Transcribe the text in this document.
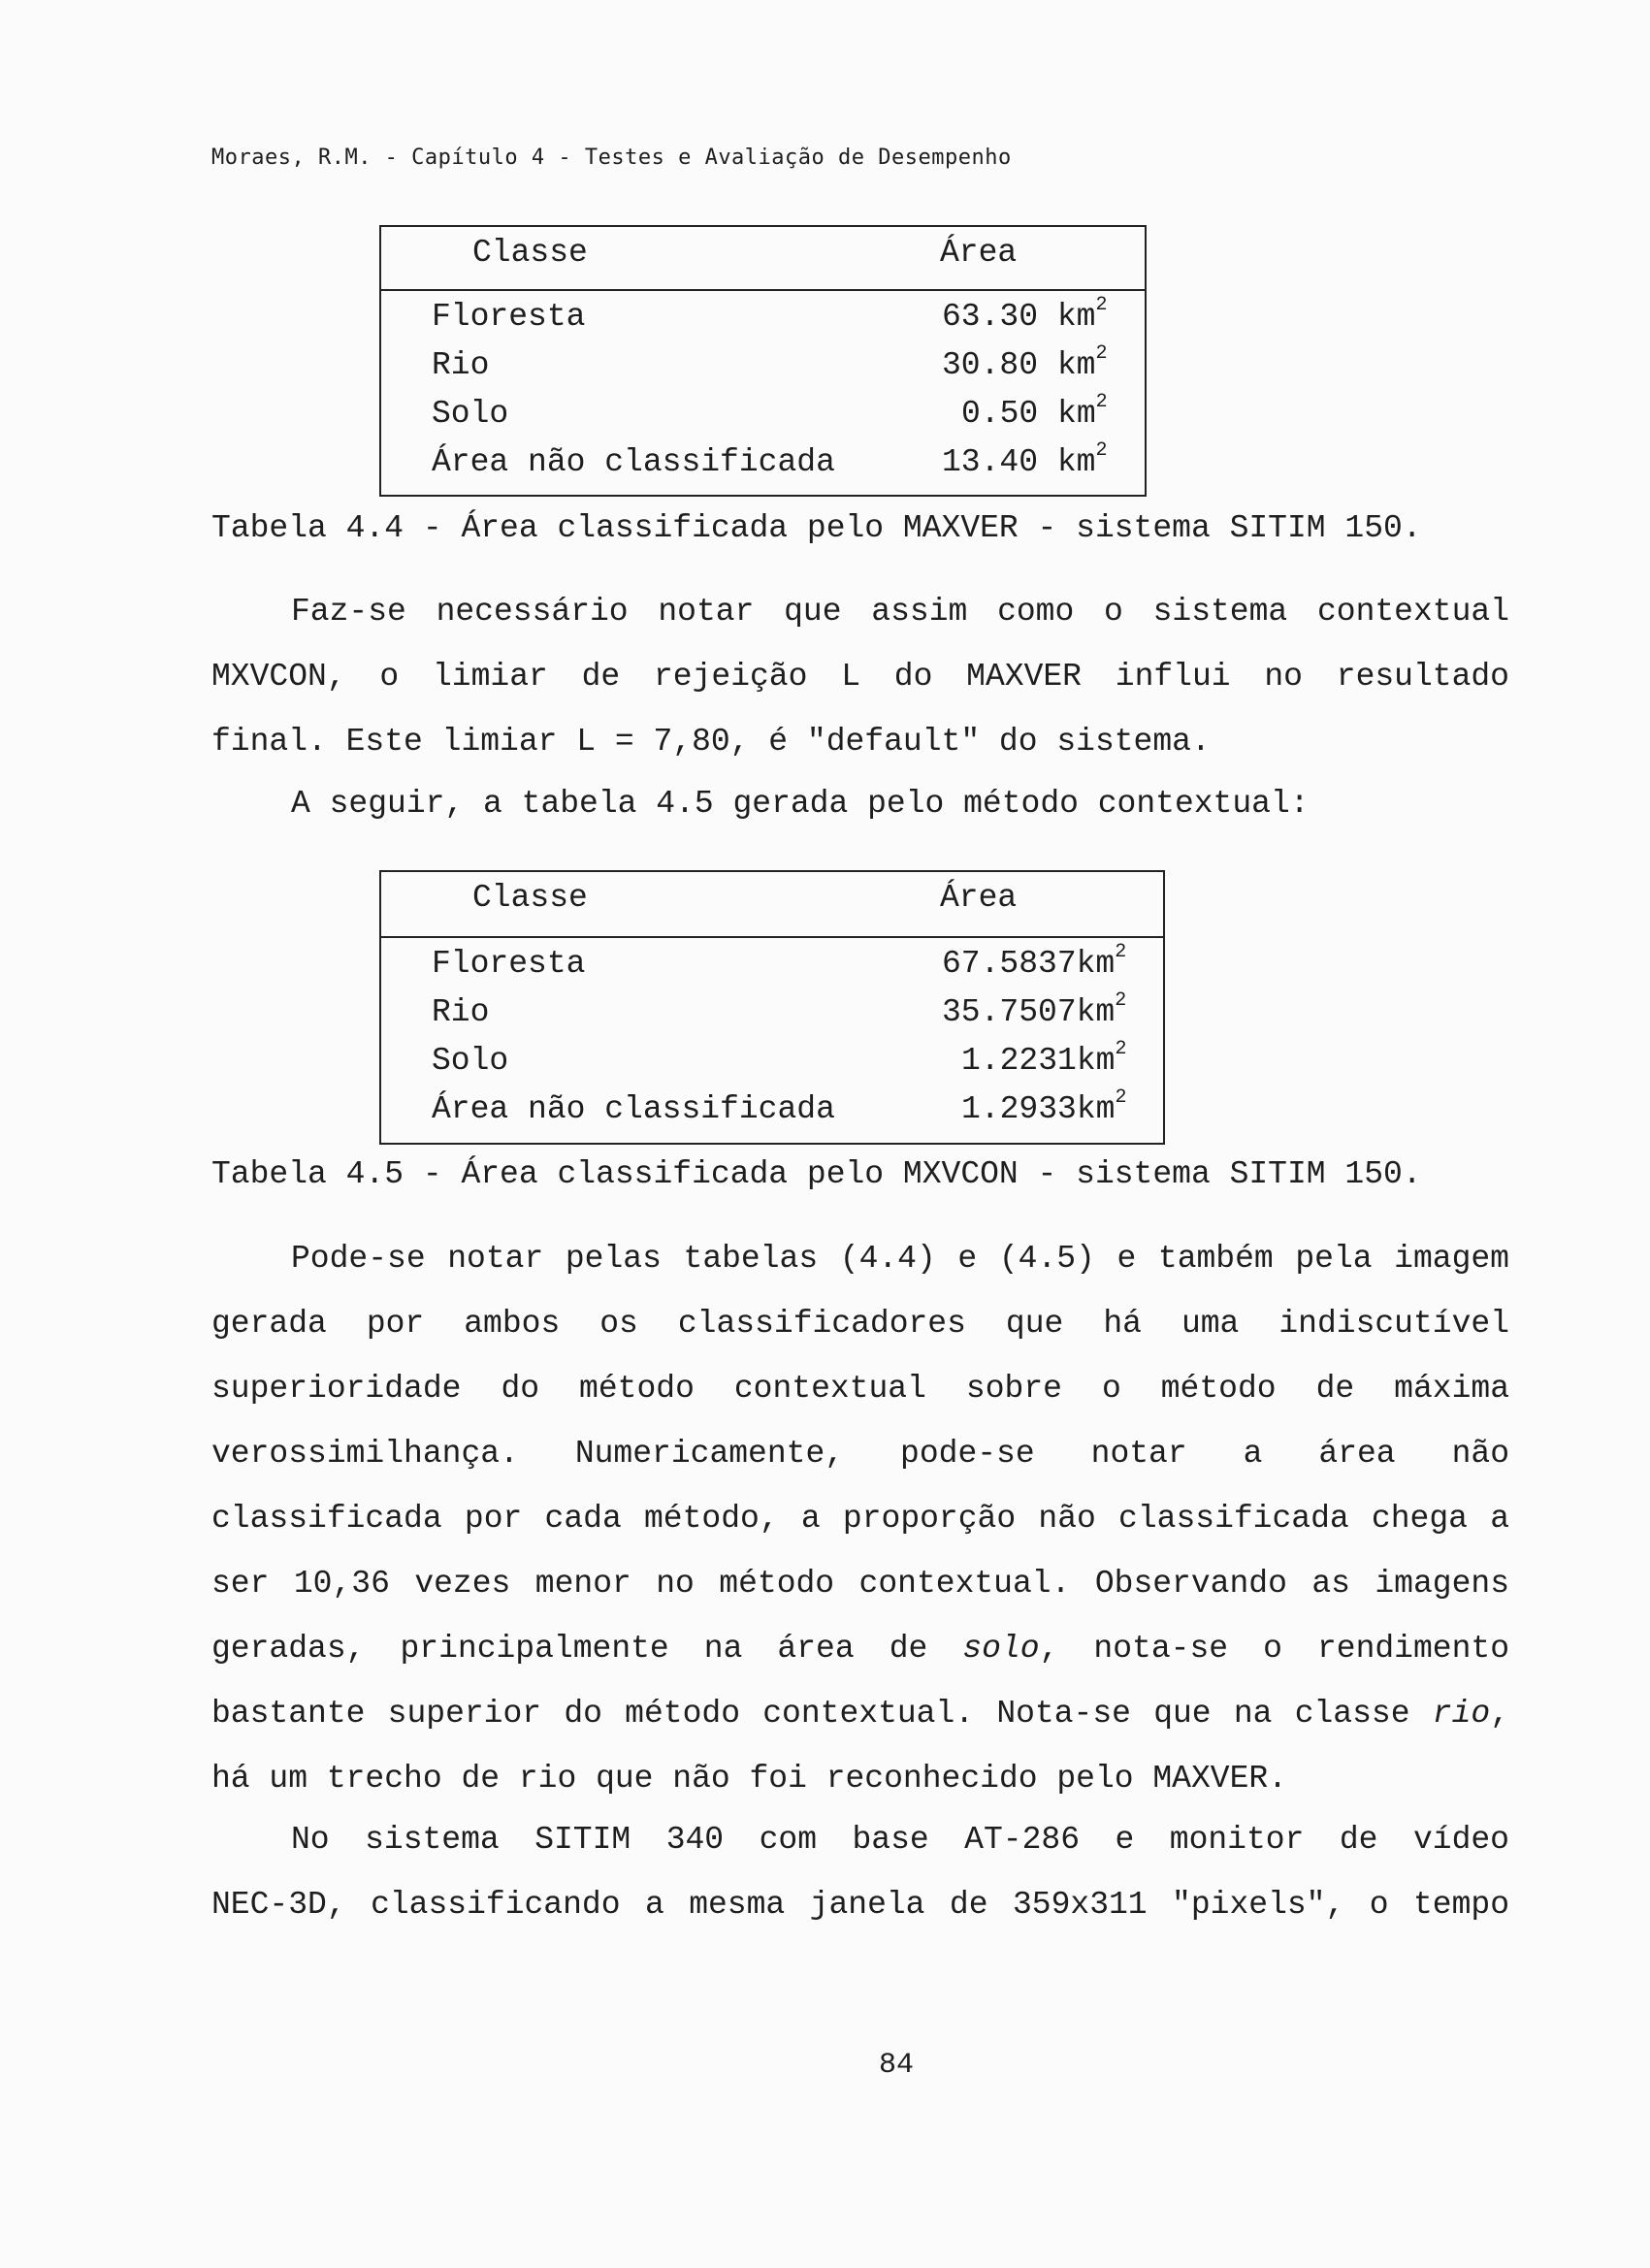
Moraes, R.M. - Capítulo 4 - Testes e Avaliação de Desempenho
Classe	Área
Floresta	63.30 $km^2$
Rio	30.80 $km^2$
Solo	0.50 $km^2$
Área não classificada	13.40 $km^2$
Tabela 4.4 - Área classificada pelo MAXVER - sistema SITIM 150.
Faz-se necessário notar que assim como o sistema contextual
MXVCON, o limiar de rejeição L do MAXVER influi no resultado
final. Este limiar L = 7,80, é "default" do sistema.
A seguir, a tabela 4.5 gerada pelo método contextual:
Classe	Área
Floresta	$67.5837km^2$
Rio	$35.7507km^2$
Solo	$1.2231km^2$
Área não classificada	$1.2933km^2$
Tabela 4.5 - Área classificada pelo MXVCON - sistema SITIM 150.
Pode-se notar pelas tabelas (4.4) e (4.5) e também pela imagem
gerada por ambos os classificadores que há uma indiscutível
superioridade do método contextual sobre o método de máxima
verossimilhança. Numericamente, pode-se notar a área não
classificada por cada método, a proporção não classificada chega a
ser 10,36 vezes menor no método contextual. Observando as imagens
geradas, principalmente na área de solo, nota-se o rendimento
bastante superior do método contextual. Nota-se que na classe rio,
há um trecho de rio que não foi reconhecido pelo MAXVER.
No sistema SITIM 340 com base AT-286 e monitor de vídeo
NEC-3D, classificando a mesma janela de 359x311 "pixels", o tempo
84
